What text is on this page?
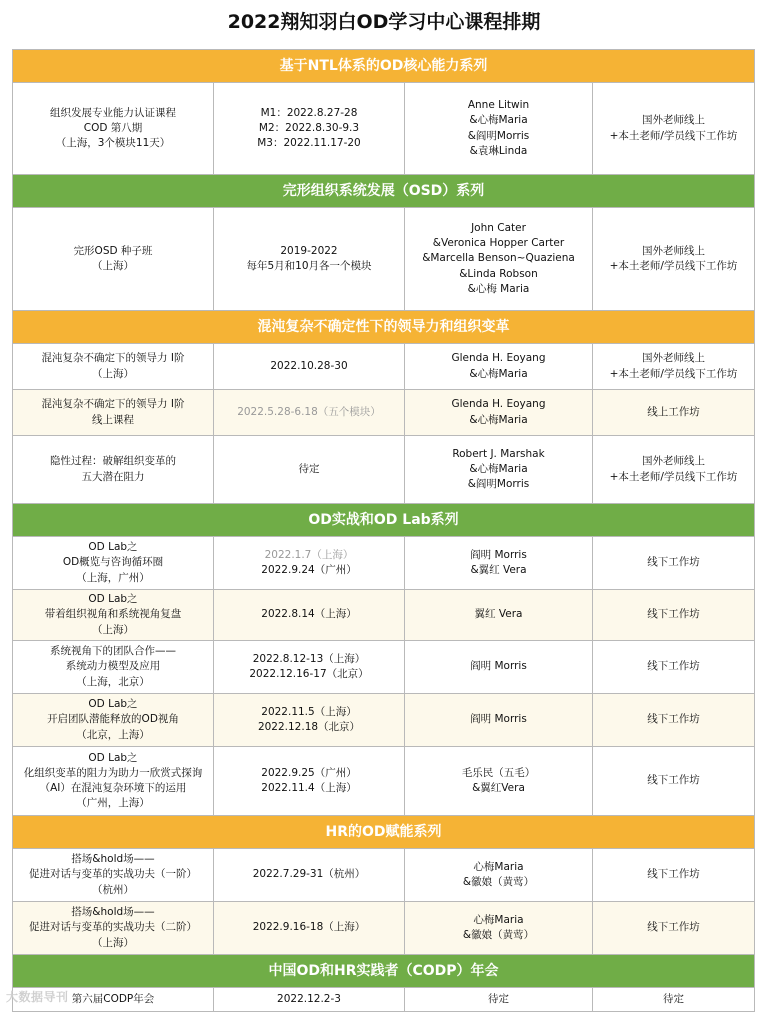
2022翔知羽白OD学习中心课程排期
基于NTL体系的OD核心能力系列			

组织发展专业能力认证课程
COD 第八期
（上海，3个模块11天）	M1：2022.8.27-28
M2：2022.8.30-9.3
M3：2022.11.17-20	Anne Litwin
&心梅Maria
&阎明Morris
&袁琳Linda	国外老师线上
+本土老师/学员线下工作坊

完形组织系统发展（OSD）系列			

完形OSD 种子班
（上海）	2019-2022
每年5月和10月各一个模块	John Cater
&Veronica Hopper Carter
&Marcella Benson~Quaziena
&Linda Robson
&心梅 Maria	国外老师线上
+本土老师/学员线下工作坊

混沌复杂不确定性下的领导力和组织变革			

混沌复杂不确定下的领导力 I阶
（上海）	2022.10.28-30	Glenda H. Eoyang
&心梅Maria	国外老师线上
+本土老师/学员线下工作坊

混沌复杂不确定下的领导力 I阶
线上课程	2022.5.28-6.18（五个模块）	Glenda H. Eoyang
&心梅Maria	线上工作坊

隐性过程：破解组织变革的
五大潜在阻力	待定	Robert J. Marshak
&心梅Maria
&阎明Morris	国外老师线上
+本土老师/学员线下工作坊

OD实战和OD Lab系列			

OD Lab之
OD概览与咨询循环圈
（上海，广州）	2022.1.7（上海）
2022.9.24（广州）	阎明 Morris
&翼红 Vera	线下工作坊

OD Lab之
带着组织视角和系统视角复盘
（上海）	2022.8.14（上海）	翼红 Vera	线下工作坊

系统视角下的团队合作——
系统动力模型及应用
（上海，北京）	2022.8.12-13（上海）
2022.12.16-17（北京）	阎明 Morris	线下工作坊

OD Lab之
开启团队潜能释放的OD视角
（北京，上海）	2022.11.5（上海）
2022.12.18（北京）	阎明 Morris	线下工作坊

OD Lab之
化组织变革的阻力为助力一欣赏式探询
（AI）在混沌复杂环境下的运用
（广州，上海）	2022.9.25（广州）
2022.11.4（上海）	毛乐民（五毛）
&翼红Vera	线下工作坊

HR的OD赋能系列			

搭场&hold场——
促进对话与变革的实战功夫（一阶）
（杭州）	2022.7.29-31（杭州）	心梅Maria
&徽娘（黄莺）	线下工作坊

搭场&hold场——
促进对话与变革的实战功夫（二阶）
（上海）	2022.9.16-18（上海）	心梅Maria
&徽娘（黄莺）	线下工作坊

中国OD和HR实践者（CODP）年会			

第六届CODP年会	2022.12.2-3	待定	待定
大数据导刊
